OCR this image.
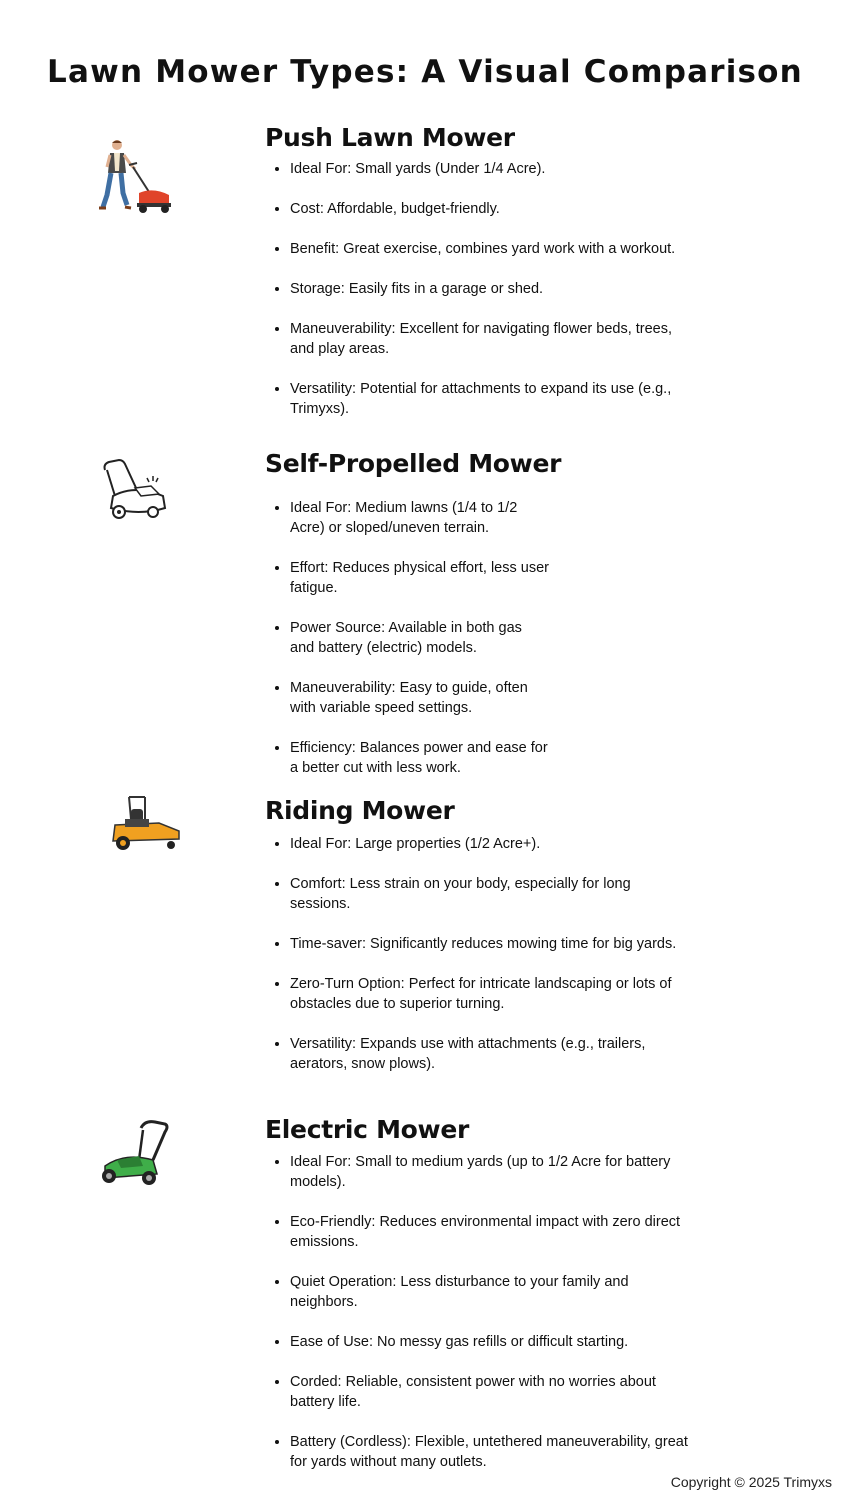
Lawn Mower Types: A Visual Comparison
Push Lawn Mower
• Ideal For: Small yards (Under 1/4 Acre).
• Cost: Affordable, budget-friendly.
• Benefit: Great exercise, combines yard work with a workout.
• Storage: Easily fits in a garage or shed.
• Maneuverability: Excellent for navigating flower beds, trees, and play areas.
• Versatility: Potential for attachments to expand its use (e.g., Trimyxs).
Self-Propelled Mower
• Ideal For: Medium lawns (1/4 to 1/2 Acre) or sloped/uneven terrain.
• Effort: Reduces physical effort, less user fatigue.
• Power Source: Available in both gas and battery (electric) models.
• Maneuverability: Easy to guide, often with variable speed settings.
• Efficiency: Balances power and ease for a better cut with less work.
Riding Mower
• Ideal For: Large properties (1/2 Acre+).
• Comfort: Less strain on your body, especially for long sessions.
• Time-saver: Significantly reduces mowing time for big yards.
• Zero-Turn Option: Perfect for intricate landscaping or lots of obstacles due to superior turning.
• Versatility: Expands use with attachments (e.g., trailers, aerators, snow plows).
Electric Mower
• Ideal For: Small to medium yards (up to 1/2 Acre for battery models).
• Eco-Friendly: Reduces environmental impact with zero direct emissions.
• Quiet Operation: Less disturbance to your family and neighbors.
• Ease of Use: No messy gas refills or difficult starting.
• Corded: Reliable, consistent power with no worries about battery life.
• Battery (Cordless): Flexible, untethered maneuverability, great for yards without many outlets.
Copyright © 2025 Trimyxs
